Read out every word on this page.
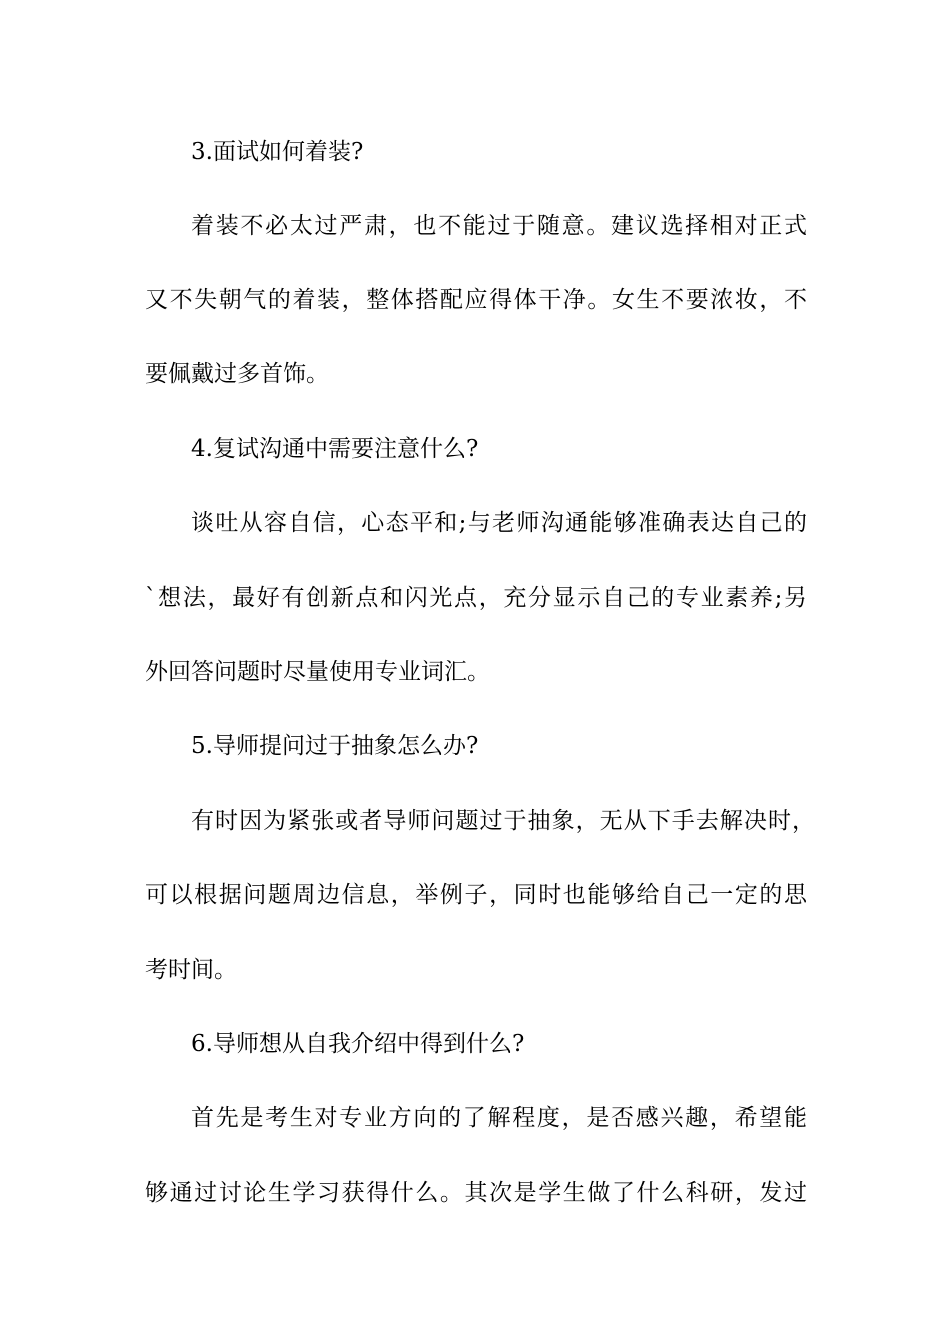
3.面试如何着装?
着装不必太过严肃，也不能过于随意。建议选择相对正式
又不失朝气的着装，整体搭配应得体干净。女生不要浓妆，不
要佩戴过多首饰。
4.复试沟通中需要注意什么?
谈吐从容自信，心态平和;与老师沟通能够准确表达自己的
`想法，最好有创新点和闪光点，充分显示自己的专业素养;另
外回答问题时尽量使用专业词汇。
5.导师提问过于抽象怎么办?
有时因为紧张或者导师问题过于抽象，无从下手去解决时，
可以根据问题周边信息，举例子，同时也能够给自己一定的思
考时间。
6.导师想从自我介绍中得到什么?
首先是考生对专业方向的了解程度，是否感兴趣，希望能
够通过讨论生学习获得什么。其次是学生做了什么科研，发过
